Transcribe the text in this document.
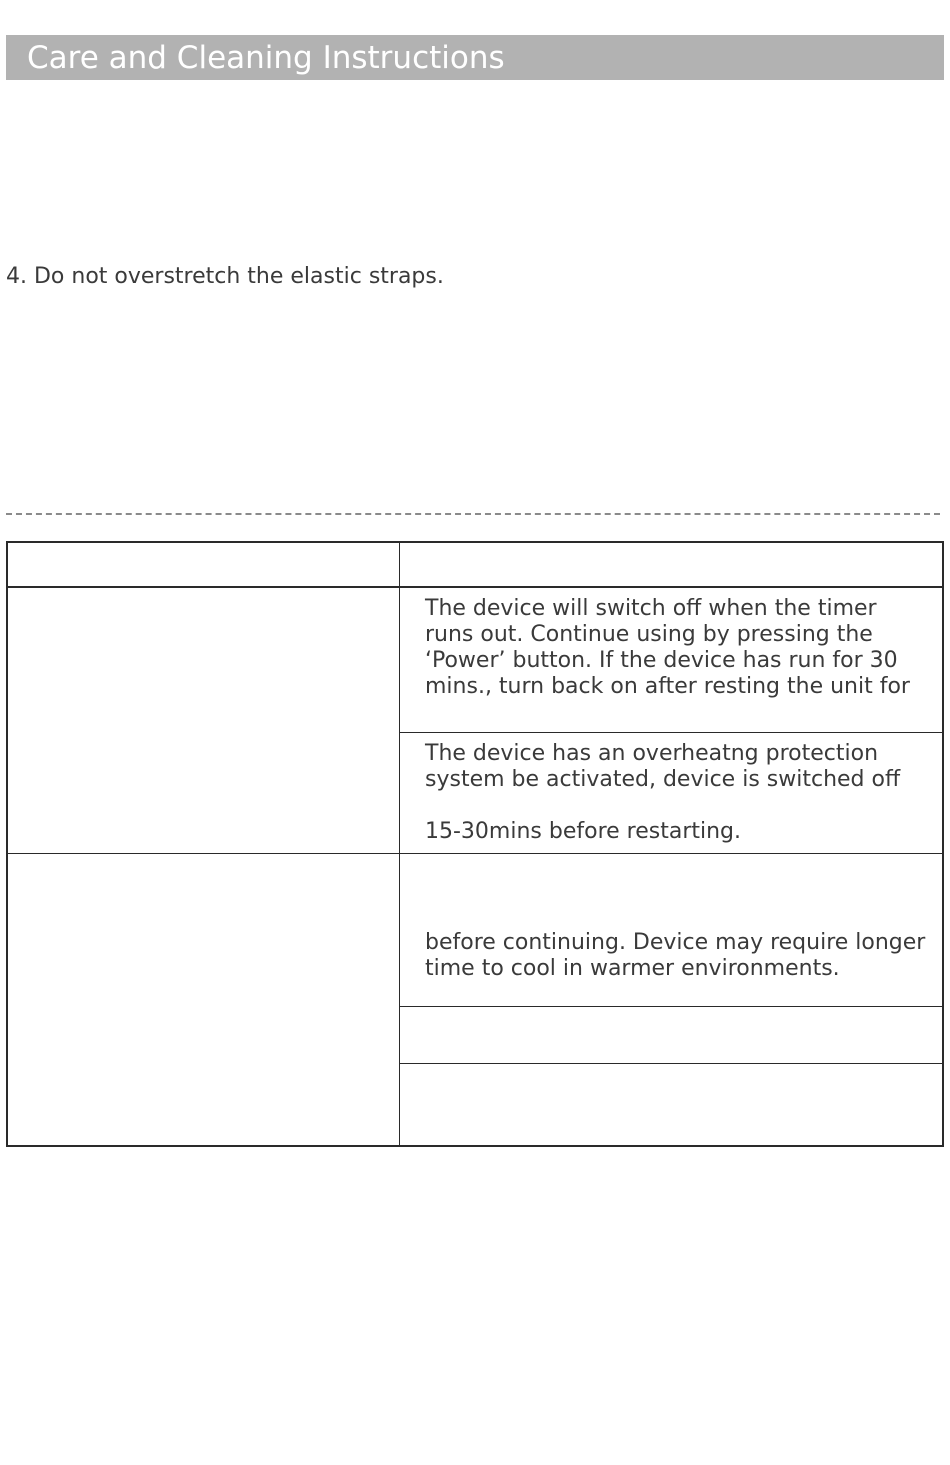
Care and Cleaning Instructions
4. Do not overstretch the elastic straps.
The device will switch off when the timer
runs out. Continue using by pressing the
‘Power’ button. If the device has run for 30
mins., turn back on after resting the unit for
The device has an overheatng protection
system be activated, device is switched off
15-30mins before restarting.
before continuing. Device may require longer
time to cool in warmer environments.
